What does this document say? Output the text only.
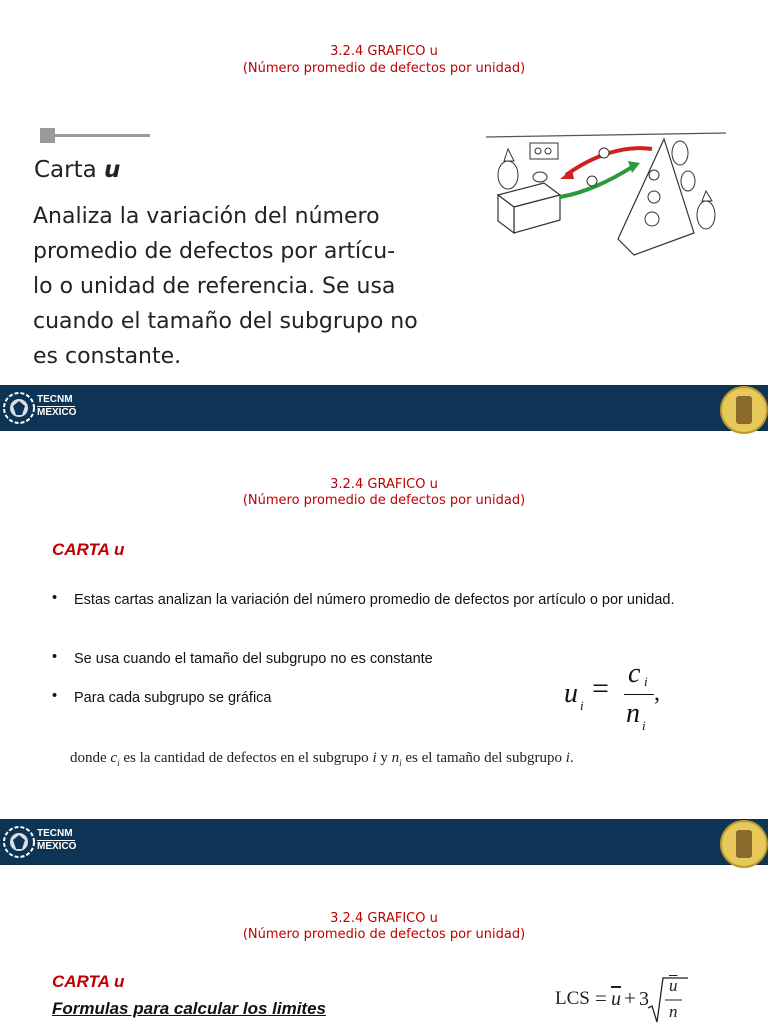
3.2.4 GRAFICO u
(Número promedio de defectos por unidad)
Carta u
Analiza la variación del número
promedio de defectos por artícu-
lo o unidad de referencia. Se usa
cuando el tamaño del subgrupo no
es constante.
TECNM
MEXICO
3.2.4 GRAFICO u
(Número promedio de defectos por unidad)
CARTA u
• Estas cartas analizan la variación del número promedio de defectos por artículo o por unidad.
• Se usa cuando el tamaño del subgrupo no es constante
• Para cada subgrupo se gráfica	u i
= c i
n i
,
donde $c_i$ es la cantidad de defectos en el subgrupo i y $n_i$ es el tamaño del subgrupo i.
TECNM
MEXICO
3.2.4 GRAFICO u
(Número promedio de defectos por unidad)
CARTA u
Formulas para calcular los limites	LCS = $\overline{u} + 3$
$\overline{u}$
n
